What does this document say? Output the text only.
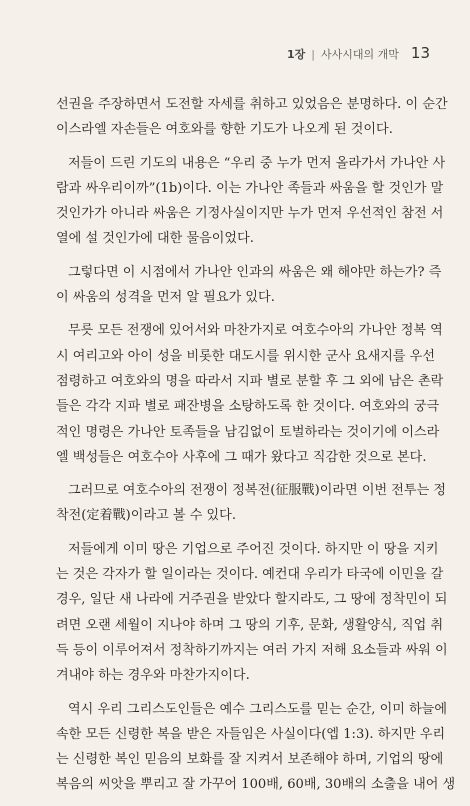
1장 | 사사시대의 개막 13

선권을 주장하면서 도전할 자세를 취하고 있었음은 분명하다. 이 순간
이스라엘 자손들은 여호와를 향한 기도가 나오게 된 것이다.

저들이 드린 기도의 내용은 “우리 중 누가 먼저 올라가서 가나안 사
람과 싸우리이까”(1b)이다. 이는 가나안 족들과 싸움을 할 것인가 말
것인가가 아니라 싸움은 기정사실이지만 누가 먼저 우선적인 참전 서
열에 설 것인가에 대한 물음이었다.

그렇다면 이 시점에서 가나안 인과의 싸움은 왜 해야만 하는가? 즉
이 싸움의 성격을 먼저 알 필요가 있다.

무릇 모든 전쟁에 있어서와 마찬가지로 여호수아의 가나안 정복 역
시 여리고와 아이 성을 비롯한 대도시를 위시한 군사 요새지를 우선
점령하고 여호와의 명을 따라서 지파 별로 분할 후 그 외에 남은 촌락
들은 각각 지파 별로 패잔병을 소탕하도록 한 것이다. 여호와의 궁극
적인 명령은 가나안 토족들을 남김없이 토벌하라는 것이기에 이스라
엘 백성들은 여호수아 사후에 그 때가 왔다고 직감한 것으로 본다.

그러므로 여호수아의 전쟁이 정복전(征服戰)이라면 이번 전투는 정
착전(定着戰)이라고 볼 수 있다.

저들에게 이미 땅은 기업으로 주어진 것이다. 하지만 이 땅을 지키
는 것은 각자가 할 일이라는 것이다. 예컨대 우리가 타국에 이민을 갈
경우, 일단 새 나라에 거주권을 받았다 할지라도, 그 땅에 정착민이 되
려면 오랜 세월이 지나야 하며 그 땅의 기후, 문화, 생활양식, 직업 취
득 등이 이루어져서 정착하기까지는 여러 가지 저해 요소들과 싸워 이
겨내야 하는 경우와 마찬가지이다.

역시 우리 그리스도인들은 예수 그리스도를 믿는 순간, 이미 하늘에
속한 모든 신령한 복을 받은 자들임은 사실이다(엡 1:3). 하지만 우리
는 신령한 복인 믿음의 보화를 잘 지켜서 보존해야 하며, 기업의 땅에
복음의 씨앗을 뿌리고 잘 가꾸어 100배, 60배, 30배의 소출을 내어 생
